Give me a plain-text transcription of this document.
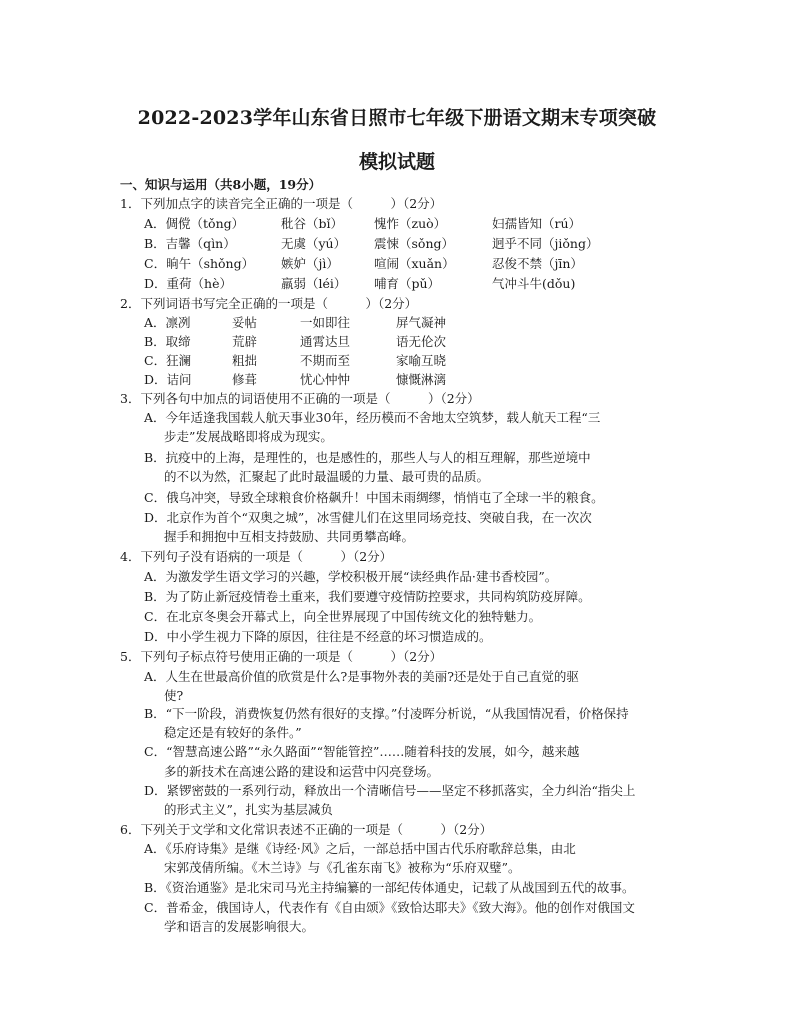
2022-2023学年山东省日照市七年级下册语文期末专项突破
模拟试题
一、知识与运用（共8小题，19分）
1．下列加点字的读音完全正确的一项是（　　　）（2分）
A．倜傥（tǒng）	秕谷（bǐ） 愧怍（zuò）	妇孺皆知（rú）
B．吉馨（qìn）	无虞（yú） 震悚（sǒng）	迥乎不同（jiǒng）
C．晌午（shǒng） 嫉妒（jì）	喧闹（xuǎn）	忍俊不禁（jīn）
D．重荷（hè）	羸弱（léi） 哺育（pǔ）	气冲斗牛(dǒu)
2．下列词语书写完全正确的一项是（　　　）（2分）
A．凛冽	妥帖	一如即往	屏气凝神
B．取缔	荒辟	通霄达旦	语无伦次
C．狂澜	粗拙	不期而至	家喻互晓
D．诘问	修葺	忧心忡忡	慷慨淋漓
3．下列各句中加点的词语使用不正确的一项是（　　　）（2分）
A．今年适逢我国载人航天事业30年，经历模而不舍地太空筑梦，载人航天工程“三
步走”发展战略即将成为现实。
B．抗疫中的上海，是理性的，也是感性的，那些人与人的相互理解，那些逆境中
的不以为然，汇聚起了此时最温暖的力量、最可贵的品质。
C．俄乌冲突，导致全球粮食价格飙升！中国未雨绸缪，悄悄屯了全球一半的粮食。
D．北京作为首个“双奥之城”，冰雪健儿们在这里同场竞技、突破自我，在一次次
握手和拥抱中互相支持鼓励、共同勇攀高峰。
4．下列句子没有语病的一项是（　　　）（2分）
A．为激发学生语文学习的兴趣，学校积极开展“读经典作品·建书香校园”。
B．为了防止新冠疫情卷土重来，我们要遵守疫情防控要求，共同构筑防疫屏障。
C．在北京冬奥会开幕式上，向全世界展现了中国传统文化的独特魅力。
D．中小学生视力下降的原因，往往是不经意的坏习惯造成的。
5．下列句子标点符号使用正确的一项是（　　　）（2分）
A．人生在世最高价值的欣赏是什么?是事物外表的美丽?还是处于自己直觉的驱
使?
B．“下一阶段，消费恢复仍然有很好的支撑。”付凌晖分析说，“从我国情况看，价格保持
稳定还是有较好的条件。”
C．“智慧高速公路”“永久路面”“智能管控”……随着科技的发展，如今，越来越
多的新技术在高速公路的建设和运营中闪亮登场。
D．紧锣密鼓的一系列行动，释放出一个清晰信号——坚定不移抓落实，全力纠治“指尖上
的形式主义”，扎实为基层减负
6．下列关于文学和文化常识表述不正确的一项是（　　　）（2分）
A．《乐府诗集》是继《诗经·风》之后，一部总括中国古代乐府歌辞总集，由北
宋郭茂倩所编。《木兰诗》与《孔雀东南飞》被称为“乐府双璧”。
B．《资治通鉴》是北宋司马光主持编纂的一部纪传体通史，记载了从战国到五代的故事。
C．普希金，俄国诗人，代表作有《自由颂》《致恰达耶夫》《致大海》。他的创作对俄国文
学和语言的发展影响很大。
